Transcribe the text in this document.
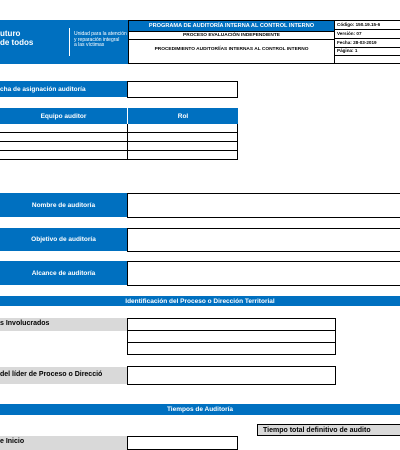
uturo
de todos
Unidad para la atención
y reparación integral
a las víctimas
PROGRAMA DE AUDITORÍA INTERNA AL CONTROL INTERNO
PROCESO EVALUACIÓN INDEPENDIENTE
PROCEDIMIENTO AUDITOR\ÍAS INTERNAS AL CONTROL INTERNO
Código: 150.19.15-6
Versión: 07
Fecha: 28-03-2019
Página: 1
cha de asignación auditoría
Equipo auditor	Rol
Nombre de auditoría
Objetivo de auditoría
Alcance de auditoría
Identificación del Proceso o Dirección Territorial
s Involucrados
del líder de Proceso o Direcció
Tiempos de Auditoría
Tiempo total definitivo de audito
e Inicio
